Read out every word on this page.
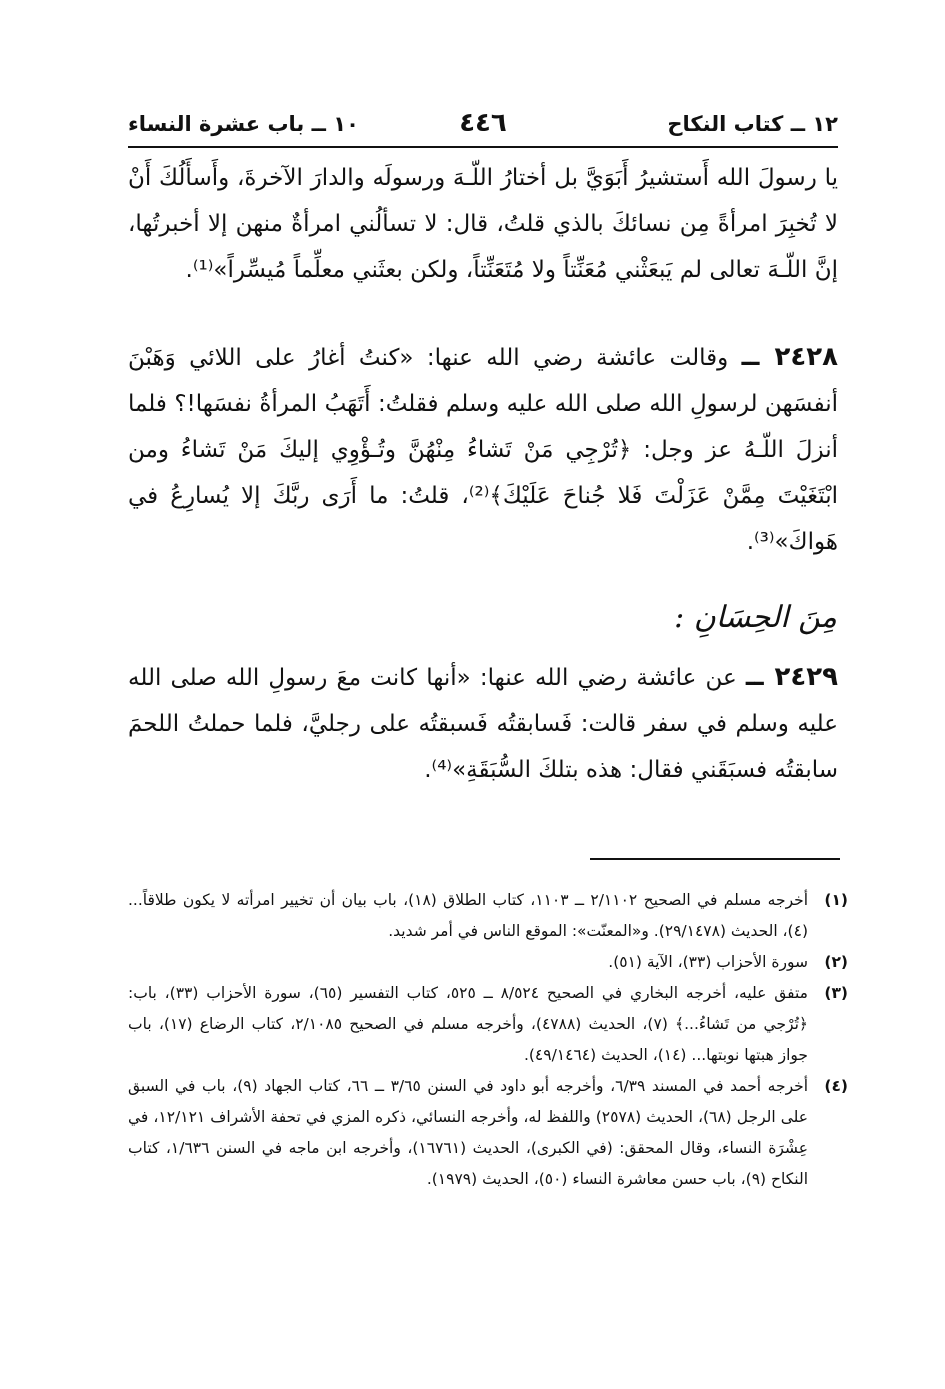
١٢ ــ كتاب النكاح
٤٤٦
١٠ ــ باب عشرة النساء
يا رسولَ الله أَستشيرُ أَبَوَيَّ بل أختارُ اللّـهَ ورسولَه والدارَ الآخرةَ، وأَسأَلُكَ أَنْ لا تُخبِرَ امرأةً مِن نسائكَ بالذي قلتُ، قال: لا تسألُني امرأةٌ منهن إلا أخبرتُها، إنَّ اللّـهَ تعالى لم يَبعَثْني مُعَنِّتاً ولا مُتَعَنِّتاً، ولكن بعثَني معلِّماً مُيسِّراً»⁽¹⁾.
٢٤٢٨ ــ وقالت عائشة رضي الله عنها: «كنتُ أغارُ على اللائي وَهَبْنَ أنفسَهن لرسولِ الله صلى الله عليه وسلم فقلتُ: أَتَهَبُ المرأةُ نفسَها!؟ فلما أنزلَ اللّـهُ عز وجل: ﴿تُرْجِي مَنْ تَشاءُ مِنْهُنَّ وتُـؤْوِي إليكَ مَنْ تَشاءُ ومن ابْتَغَيْتَ مِمَّنْ عَزَلْتَ فَلا جُناحَ عَلَيْكَ﴾⁽²⁾، قلتُ: ما أَرَى ربَّكَ إلا يُسارِعُ في هَواكَ»⁽³⁾.
مِنَ الحِسَانِ :
٢٤٢٩ ــ عن عائشة رضي الله عنها: «أنها كانت معَ رسولِ الله صلى الله عليه وسلم في سفر قالت: فَسابقتُه فَسبقتُه على رجليَّ، فلما حملتُ اللحمَ سابقتُه فسبَقَني فقال: هذه بتلكَ السُّبَقَةِ»⁽⁴⁾.
(١)
أخرجه مسلم في الصحيح ٢/١١٠٢ ــ ١١٠٣، كتاب الطلاق (١٨)، باب بيان أن تخيير امرأته لا يكون طلاقاً... (٤)، الحديث (٢٩/١٤٧٨). و«المعنّت»: الموقع الناس في أمر شديد.
(٢)
سورة الأحزاب (٣٣)، الآية (٥١).
(٣)
متفق عليه، أخرجه البخاري في الصحيح ٨/٥٢٤ ــ ٥٢٥، كتاب التفسير (٦٥)، سورة الأحزاب (٣٣)، باب: ﴿تُرْجي من تَشاءُ...﴾ (٧)، الحديث (٤٧٨٨)، وأخرجه مسلم في الصحيح ٢/١٠٨٥، كتاب الرضاع (١٧)، باب جواز هبتها نوبتها... (١٤)، الحديث (٤٩/١٤٦٤).
(٤)
أخرجه أحمد في المسند ٦/٣٩، وأخرجه أبو داود في السنن ٣/٦٥ ــ ٦٦، كتاب الجهاد (٩)، باب في السبق على الرجل (٦٨)، الحديث (٢٥٧٨) واللفظ له، وأخرجه النسائي، ذكره المزي في تحفة الأشراف ١٢/١٢١، في عِشْرَة النساء، وقال المحقق: (في الكبرى)، الحديث (١٦٧٦١)، وأخرجه ابن ماجه في السنن ١/٦٣٦، كتاب النكاح (٩)، باب حسن معاشرة النساء (٥٠)، الحديث (١٩٧٩).
